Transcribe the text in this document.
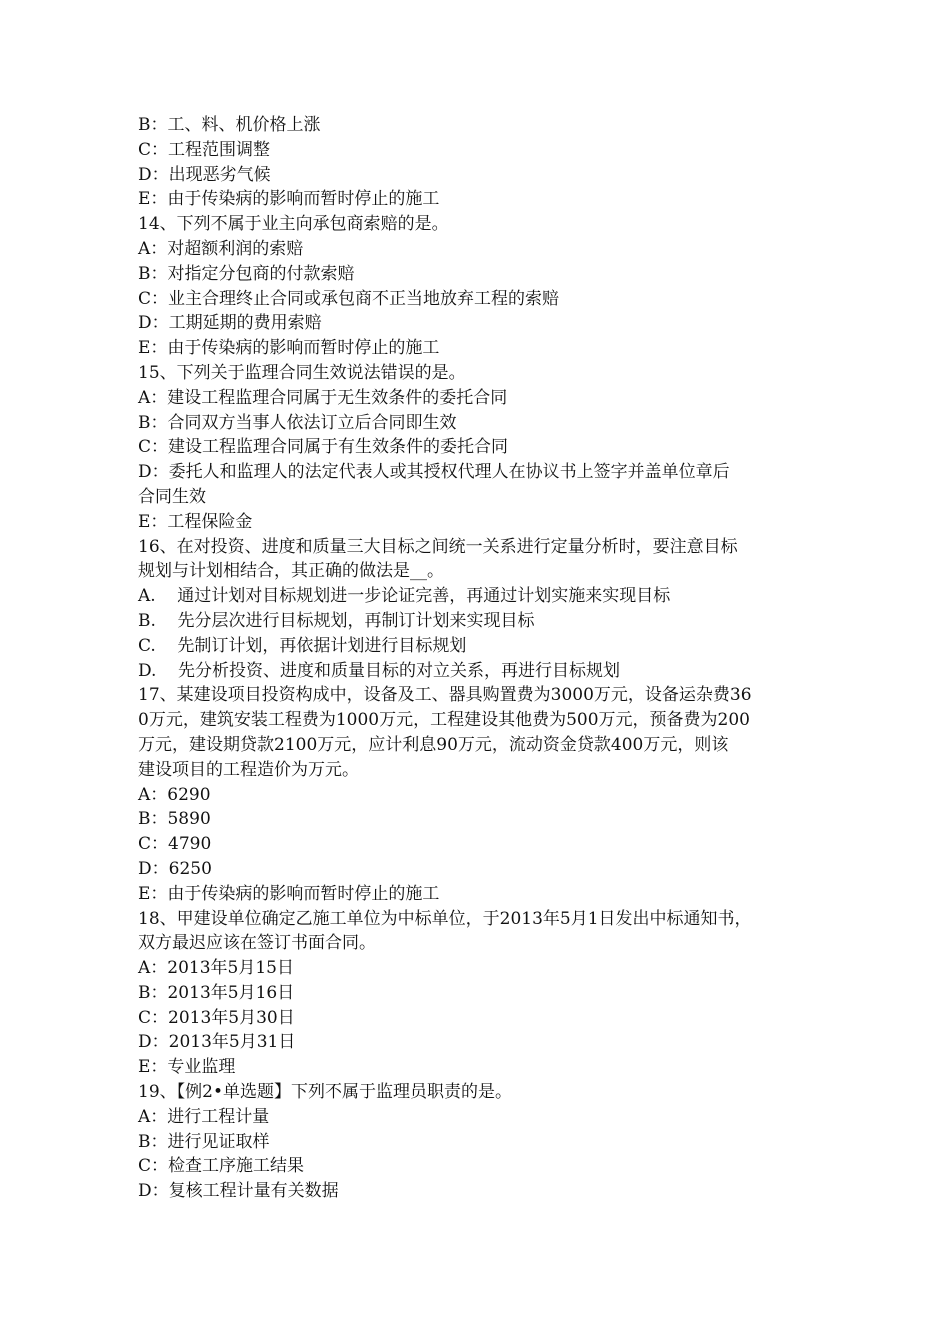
B：工、料、机价格上涨
C：工程范围调整
D：出现恶劣气候
E：由于传染病的影响而暂时停止的施工
14、下列不属于业主向承包商索赔的是。
A：对超额利润的索赔
B：对指定分包商的付款索赔
C：业主合理终止合同或承包商不正当地放弃工程的索赔
D：工期延期的费用索赔
E：由于传染病的影响而暂时停止的施工
15、下列关于监理合同生效说法错误的是。
A：建设工程监理合同属于无生效条件的委托合同
B：合同双方当事人依法订立后合同即生效
C：建设工程监理合同属于有生效条件的委托合同
D：委托人和监理人的法定代表人或其授权代理人在协议书上签字并盖单位章后
合同生效
E：工程保险金
16、在对投资、进度和质量三大目标之间统一关系进行定量分析时，要注意目标
规划与计划相结合，其正确的做法是__。
A.    通过计划对目标规划进一步论证完善，再通过计划实施来实现目标
B.    先分层次进行目标规划，再制订计划来实现目标
C.    先制订计划，再依据计划进行目标规划
D.    先分析投资、进度和质量目标的对立关系，再进行目标规划
17、某建设项目投资构成中，设备及工、器具购置费为3000万元，设备运杂费36
0万元，建筑安装工程费为1000万元，工程建设其他费为500万元，预备费为200
万元，建设期贷款2100万元，应计利息90万元，流动资金贷款400万元，则该
建设项目的工程造价为万元。
A：6290
B：5890
C：4790
D：6250
E：由于传染病的影响而暂时停止的施工
18、甲建设单位确定乙施工单位为中标单位，于2013年5月1日发出中标通知书，
双方最迟应该在签订书面合同。
A：2013年5月15日
B：2013年5月16日
C：2013年5月30日
D：2013年5月31日
E：专业监理
19、【例2•单选题】下列不属于监理员职责的是。
A：进行工程计量
B：进行见证取样
C：检查工序施工结果
D：复核工程计量有关数据
